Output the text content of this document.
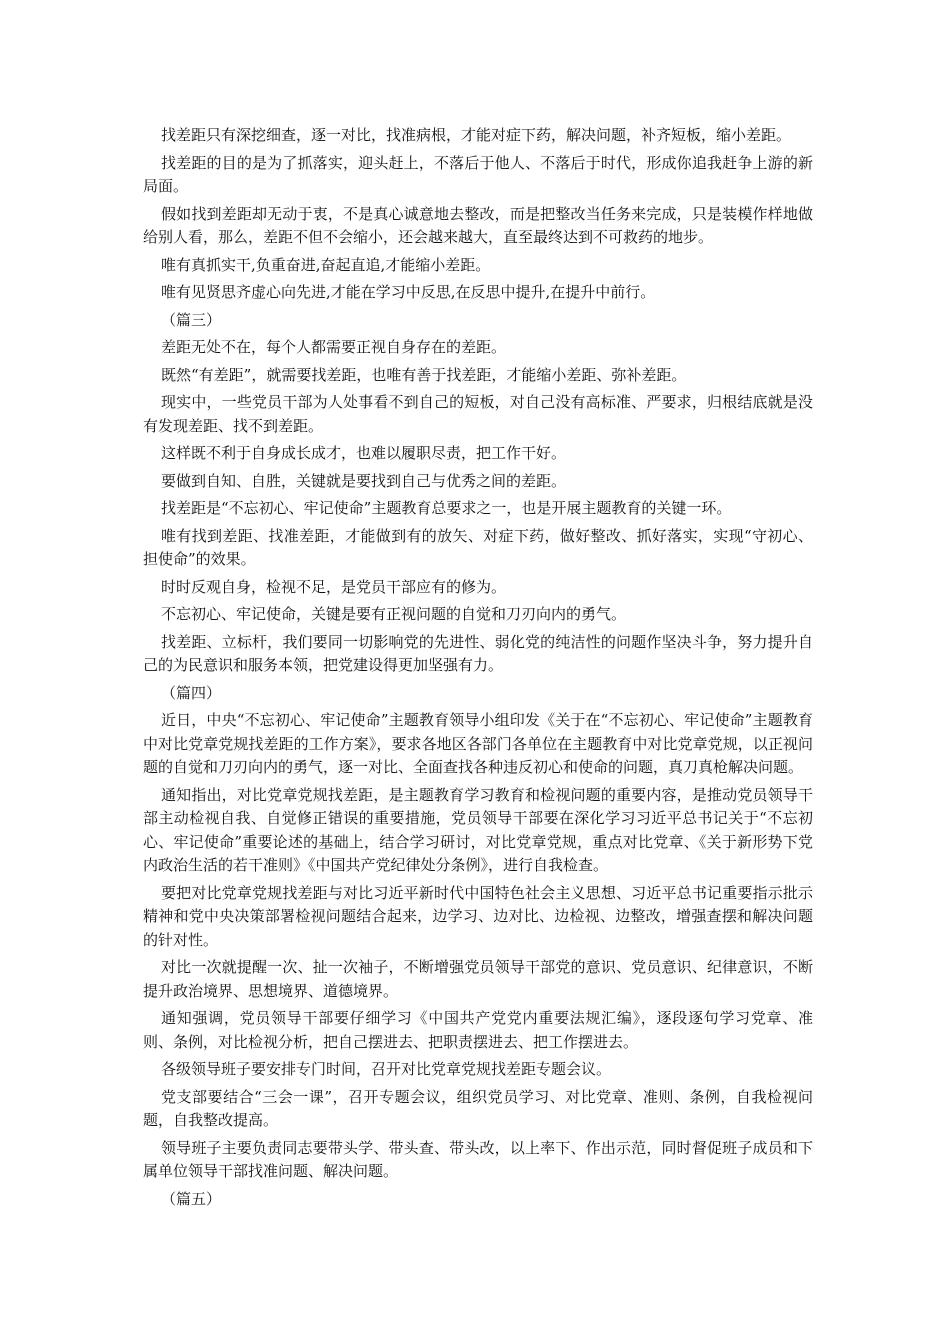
找差距只有深挖细查，逐一对比，找准病根，才能对症下药，解决问题，补齐短板，缩小差距。

找差距的目的是为了抓落实，迎头赶上，不落后于他人、不落后于时代，形成你追我赶争上游的新局面。

假如找到差距却无动于衷，不是真心诚意地去整改，而是把整改当任务来完成，只是装模作样地做给别人看，那么，差距不但不会缩小，还会越来越大，直至最终达到不可救药的地步。

唯有真抓实干,负重奋进,奋起直追,才能缩小差距。

唯有见贤思齐虚心向先进,才能在学习中反思,在反思中提升,在提升中前行。

（篇三）

差距无处不在，每个人都需要正视自身存在的差距。

既然“有差距”，就需要找差距，也唯有善于找差距，才能缩小差距、弥补差距。

现实中，一些党员干部为人处事看不到自己的短板，对自己没有高标准、严要求，归根结底就是没有发现差距、找不到差距。

这样既不利于自身成长成才，也难以履职尽责，把工作干好。

要做到自知、自胜，关键就是要找到自己与优秀之间的差距。

找差距是“不忘初心、牢记使命”主题教育总要求之一，也是开展主题教育的关键一环。

唯有找到差距、找准差距，才能做到有的放矢、对症下药，做好整改、抓好落实，实现“守初心、担使命”的效果。

时时反观自身，检视不足，是党员干部应有的修为。

不忘初心、牢记使命，关键是要有正视问题的自觉和刀刃向内的勇气。

找差距、立标杆，我们要同一切影响党的先进性、弱化党的纯洁性的问题作坚决斗争，努力提升自己的为民意识和服务本领，把党建设得更加坚强有力。

（篇四）

近日，中央“不忘初心、牢记使命”主题教育领导小组印发《关于在“不忘初心、牢记使命”主题教育中对比党章党规找差距的工作方案》，要求各地区各部门各单位在主题教育中对比党章党规，以正视问题的自觉和刀刃向内的勇气，逐一对比、全面查找各种违反初心和使命的问题，真刀真枪解决问题。

通知指出，对比党章党规找差距，是主题教育学习教育和检视问题的重要内容，是推动党员领导干部主动检视自我、自觉修正错误的重要措施，党员领导干部要在深化学习习近平总书记关于“不忘初心、牢记使命”重要论述的基础上，结合学习研讨，对比党章党规，重点对比党章、《关于新形势下党内政治生活的若干准则》《中国共产党纪律处分条例》，进行自我检查。

要把对比党章党规找差距与对比习近平新时代中国特色社会主义思想、习近平总书记重要指示批示精神和党中央决策部署检视问题结合起来，边学习、边对比、边检视、边整改，增强查摆和解决问题的针对性。

对比一次就提醒一次、扯一次袖子，不断增强党员领导干部党的意识、党员意识、纪律意识，不断提升政治境界、思想境界、道德境界。

通知强调，党员领导干部要仔细学习《中国共产党党内重要法规汇编》，逐段逐句学习党章、准则、条例，对比检视分析，把自己摆进去、把职责摆进去、把工作摆进去。

各级领导班子要安排专门时间，召开对比党章党规找差距专题会议。

党支部要结合“三会一课”，召开专题会议，组织党员学习、对比党章、准则、条例，自我检视问题，自我整改提高。

领导班子主要负责同志要带头学、带头查、带头改，以上率下、作出示范，同时督促班子成员和下属单位领导干部找准问题、解决问题。

（篇五）
